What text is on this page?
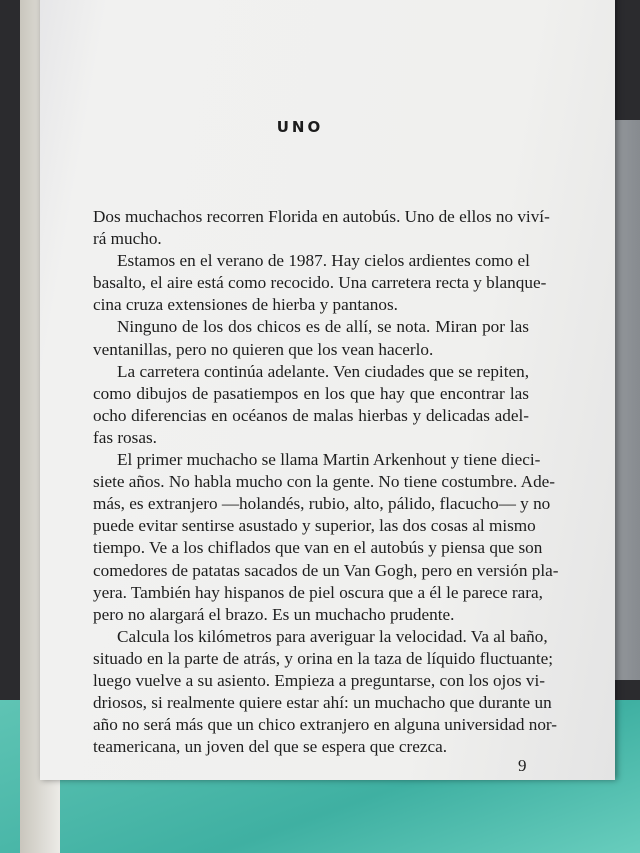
UNO
Dos muchachos recorren Florida en autobús. Uno de ellos no viví-
rá mucho.
Estamos en el verano de 1987. Hay cielos ardientes como el
basalto, el aire está como recocido. Una carretera recta y blanque-
cina cruza extensiones de hierba y pantanos.
Ninguno de los dos chicos es de allí, se nota. Miran por las
ventanillas, pero no quieren que los vean hacerlo.
La carretera continúa adelante. Ven ciudades que se repiten,
como dibujos de pasatiempos en los que hay que encontrar las
ocho diferencias en océanos de malas hierbas y delicadas adel-
fas rosas.
El primer muchacho se llama Martin Arkenhout y tiene dieci-
siete años. No habla mucho con la gente. No tiene costumbre. Ade-
más, es extranjero —holandés, rubio, alto, pálido, flacucho— y no
puede evitar sentirse asustado y superior, las dos cosas al mismo
tiempo. Ve a los chiflados que van en el autobús y piensa que son
comedores de patatas sacados de un Van Gogh, pero en versión pla-
yera. También hay hispanos de piel oscura que a él le parece rara,
pero no alargará el brazo. Es un muchacho prudente.
Calcula los kilómetros para averiguar la velocidad. Va al baño,
situado en la parte de atrás, y orina en la taza de líquido fluctuante;
luego vuelve a su asiento. Empieza a preguntarse, con los ojos vi-
driosos, si realmente quiere estar ahí: un muchacho que durante un
año no será más que un chico extranjero en alguna universidad nor-
teamericana, un joven del que se espera que crezca.
9
